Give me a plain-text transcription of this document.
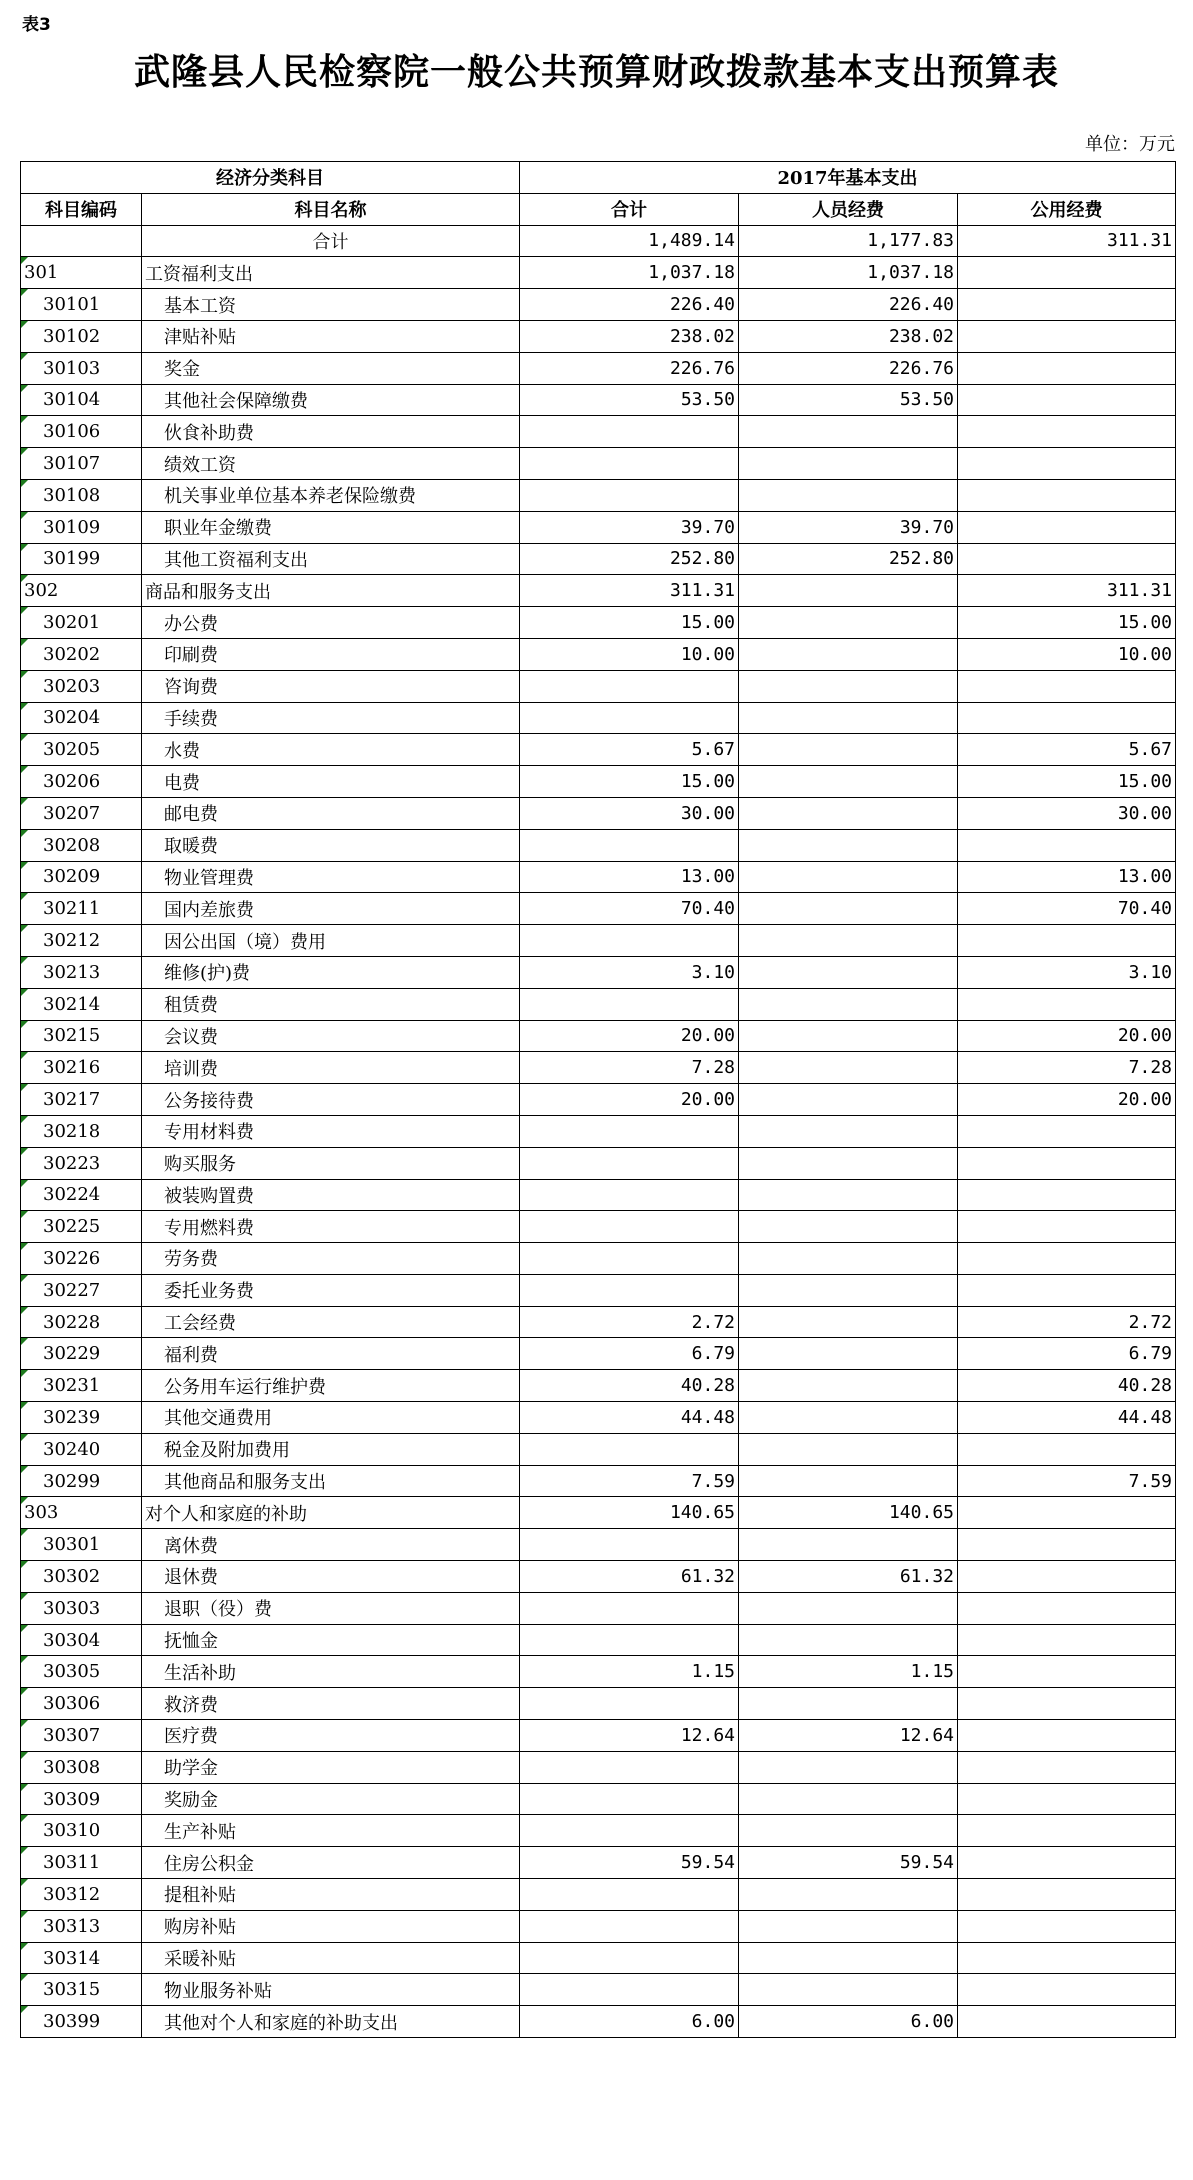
表3
武隆县人民检察院一般公共预算财政拨款基本支出预算表
单位：万元
经济分类科目		2017年基本支出		
科目编码	科目名称	合计	人员经费	公用经费
	合计	1,489.14	1,177.83	311.31
301	工资福利支出	1,037.18	1,037.18	
30101	基本工资	226.40	226.40	
30102	津贴补贴	238.02	238.02	
30103	奖金	226.76	226.76	
30104	其他社会保障缴费	53.50	53.50	
30106	伙食补助费			
30107	绩效工资			
30108	机关事业单位基本养老保险缴费			
30109	职业年金缴费	39.70	39.70	
30199	其他工资福利支出	252.80	252.80	
302	商品和服务支出	311.31		311.31
30201	办公费	15.00		15.00
30202	印刷费	10.00		10.00
30203	咨询费			
30204	手续费			
30205	水费	5.67		5.67
30206	电费	15.00		15.00
30207	邮电费	30.00		30.00
30208	取暖费			
30209	物业管理费	13.00		13.00
30211	国内差旅费	70.40		70.40
30212	因公出国（境）费用			
30213	维修(护)费	3.10		3.10
30214	租赁费			
30215	会议费	20.00		20.00
30216	培训费	7.28		7.28
30217	公务接待费	20.00		20.00
30218	专用材料费			
30223	购买服务			
30224	被装购置费			
30225	专用燃料费			
30226	劳务费			
30227	委托业务费			
30228	工会经费	2.72		2.72
30229	福利费	6.79		6.79
30231	公务用车运行维护费	40.28		40.28
30239	其他交通费用	44.48		44.48
30240	税金及附加费用			
30299	其他商品和服务支出	7.59		7.59
303	对个人和家庭的补助	140.65	140.65	
30301	离休费			
30302	退休费	61.32	61.32	
30303	退职（役）费			
30304	抚恤金			
30305	生活补助	1.15	1.15	
30306	救济费			
30307	医疗费	12.64	12.64	
30308	助学金			
30309	奖励金			
30310	生产补贴			
30311	住房公积金	59.54	59.54	
30312	提租补贴			
30313	购房补贴			
30314	采暖补贴			
30315	物业服务补贴			
30399	其他对个人和家庭的补助支出	6.00	6.00	
